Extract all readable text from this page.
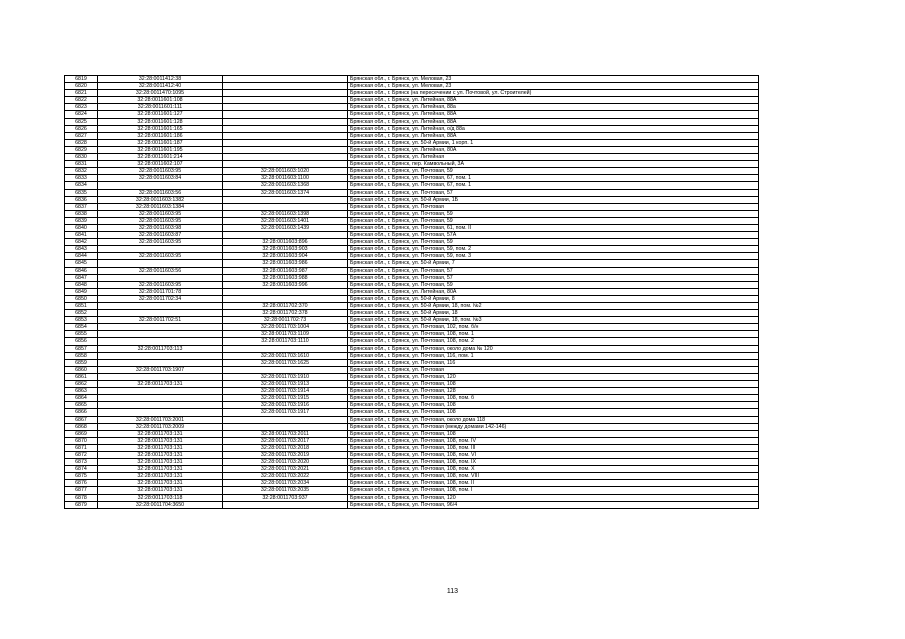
6819	32:28:0011412:38		Брянская обл., г. Брянск, ул. Меловая, 23
6820	32:28:0011412:40		Брянская обл., г. Брянск, ул. Меловая, 23
6821	32:28:0011470:1095		Брянская обл., г. Брянск (на пересечении с ул. Почтовой, ул. Строителей)
6822	32:28:0011601:108		Брянская обл., г. Брянск, ул. Литейная, 88А
6823	32:28:0011601:111		Брянская обл., г. Брянск, ул. Литейная, 88а
6824	32:28:0011601:127		Брянская обл., г. Брянск, ул. Литейная, 88А
6825	32:28:0011601:128		Брянская обл., г. Брянск, ул. Литейная, 88А
6826	32:28:0011601:165		Брянская обл., г. Брянск, ул. Литейная, о/д 88а
6827	32:28:0011601:186		Брянская обл., г. Брянск, ул. Литейная, 88А
6828	32:28:0011601:187		Брянская обл., г. Брянск, ул. 50-й Армии, 1 корп. 1
6829	32:28:0011601:195		Брянская обл., г. Брянск, ул. Литейная, 80А
6830	32:28:0011601:214		Брянская обл., г. Брянск, ул. Литейная
6831	32:28:0011602:107		Брянская обл., г. Брянск, пер. Камвольный, 3А
6832	32:28:0011603:95	32:28:0011603:1020	Брянская обл., г. Брянск, ул. Почтовая, 59
6833	32:28:0011603:84	32:28:0011603:1100	Брянская обл., г. Брянск, ул. Почтовая, 67, пом. 1
6834		32:28:0011603:1368	Брянская обл., г. Брянск, ул. Почтовая, 67, пом. 1
6835	32:28:0011603:56	32:28:0011603:1374	Брянская обл., г. Брянск, ул. Почтовая, 57
6836	32:28:0011603:1382		Брянская обл., г. Брянск, ул. 50-й Армии, 1Б
6837	32:28:0011603:1384		Брянская обл., г. Брянск, ул. Почтовая
6838	32:28:0011603:95	32:28:0011603:1398	Брянская обл., г. Брянск, ул. Почтовая, 59
6839	32:28:0011603:95	32:28:0011603:1401	Брянская обл., г. Брянск, ул. Почтовая, 59
6840	32:28:0011603:98	32:28:0011603:1439	Брянская обл., г. Брянск, ул. Почтовая, 61, пом. II
6841	32:28:0011603:87		Брянская обл., г. Брянск, ул. Почтовая, 57А
6842	32:28:0011603:95	32:28:0011603:896	Брянская обл., г. Брянск, ул. Почтовая, 59
6843		32:28:0011603:903	Брянская обл., г. Брянск, ул. Почтовая, 59, пом. 2
6844	32:28:0011603:95	32:28:0011603:904	Брянская обл., г. Брянск, ул. Почтовая, 59, пом. 3
6845		32:28:0011603:986	Брянская обл., г. Брянск, ул. 50-й Армии, 7
6846	32:28:0011603:56	32:28:0011603:987	Брянская обл., г. Брянск, ул. Почтовая, 57
6847		32:28:0011603:988	Брянская обл., г. Брянск, ул. Почтовая, 57
6848	32:28:0011603:95	32:28:0011603:996	Брянская обл., г. Брянск, ул. Почтовая, 59
6849	32:28:0011701:78		Брянская обл., г. Брянск, ул. Литейная, 80А
6850	32:28:0011702:34		Брянская обл., г. Брянск, ул. 50-й Армии, 8
6851		32:28:0011702:370	Брянская обл., г. Брянск, ул. 50-й Армии, 18, пом. №2
6852		32:28:0011702:378	Брянская обл., г. Брянск, ул. 50-й Армии, 18
6853	32:28:0011702:51	32:28:0011702:73	Брянская обл., г. Брянск, ул. 50-й Армии, 18, пом. №3
6854		32:28:0011703:1004	Брянская обл., г. Брянск, ул. Почтовая, 102, пом. б/н
6855		32:28:0011703:1109	Брянская обл., г. Брянск, ул. Почтовая, 108, пом. 1
6856		32:28:0011703:1110	Брянская обл., г. Брянск, ул. Почтовая, 108, пом. 2
6857	32:28:0011703:113		Брянская обл., г. Брянск, ул. Почтовая, около дома № 120
6858		32:28:0011703:1610	Брянская обл., г. Брянск, ул. Почтовая, 116, пом. 1
6859		32:28:0011703:1625	Брянская обл., г. Брянск, ул. Почтовая, 116
6860	32:28:0011703:1907		Брянская обл., г. Брянск, ул. Почтовая
6861		32:28:0011703:1910	Брянская обл., г. Брянск, ул. Почтовая, 120
6862	32:28:0011703:131	32:28:0011703:1913	Брянская обл., г. Брянск, ул. Почтовая, 108
6863		32:28:0011703:1914	Брянская обл., г. Брянск, ул. Почтовая, 128
6864		32:28:0011703:1915	Брянская обл., г. Брянск, ул. Почтовая, 108, пом. б
6865		32:28:0011703:1916	Брянская обл., г. Брянск, ул. Почтовая, 108
6866		32:28:0011703:1917	Брянская обл., г. Брянск, ул. Почтовая, 108
6867	32:28:0011703:2001		Брянская обл., г. Брянск, ул. Почтовая, около дома 118
6868	32:28:0011703:2009		Брянская обл., г. Брянск, ул. Почтовая (между домами 142-146)
6869	32:28:0011703:131	32:28:0011703:2011	Брянская обл., г. Брянск, ул. Почтовая, 108
6870	32:28:0011703:131	32:28:0011703:2017	Брянская обл., г. Брянск, ул. Почтовая, 108, пом. IV
6871	32:28:0011703:131	32:28:0011703:2018	Брянская обл., г. Брянск, ул. Почтовая, 108, пом. III
6872	32:28:0011703:131	32:28:0011703:2019	Брянская обл., г. Брянск, ул. Почтовая, 108, пом. VI
6873	32:28:0011703:131	32:28:0011703:2020	Брянская обл., г. Брянск, ул. Почтовая, 108, пом. IX
6874	32:28:0011703:131	32:28:0011703:2021	Брянская обл., г. Брянск, ул. Почтовая, 108, пом. X
6875	32:28:0011703:131	32:28:0011703:2022	Брянская обл., г. Брянск, ул. Почтовая, 108, пом. VIII
6876	32:28:0011703:131	32:28:0011703:2034	Брянская обл., г. Брянск, ул. Почтовая, 108, пом. II
6877	32:28:0011703:131	32:28:0011703:2035	Брянская обл., г. Брянск, ул. Почтовая, 108, пом. I
6878	32:28:0011703:118	32:28:0011703:937	Брянская обл., г. Брянск, ул. Почтовая, 120
6879	32:28:0011704:3650		Брянская обл., г. Брянск, ул. Почтовая, 96/4
113
